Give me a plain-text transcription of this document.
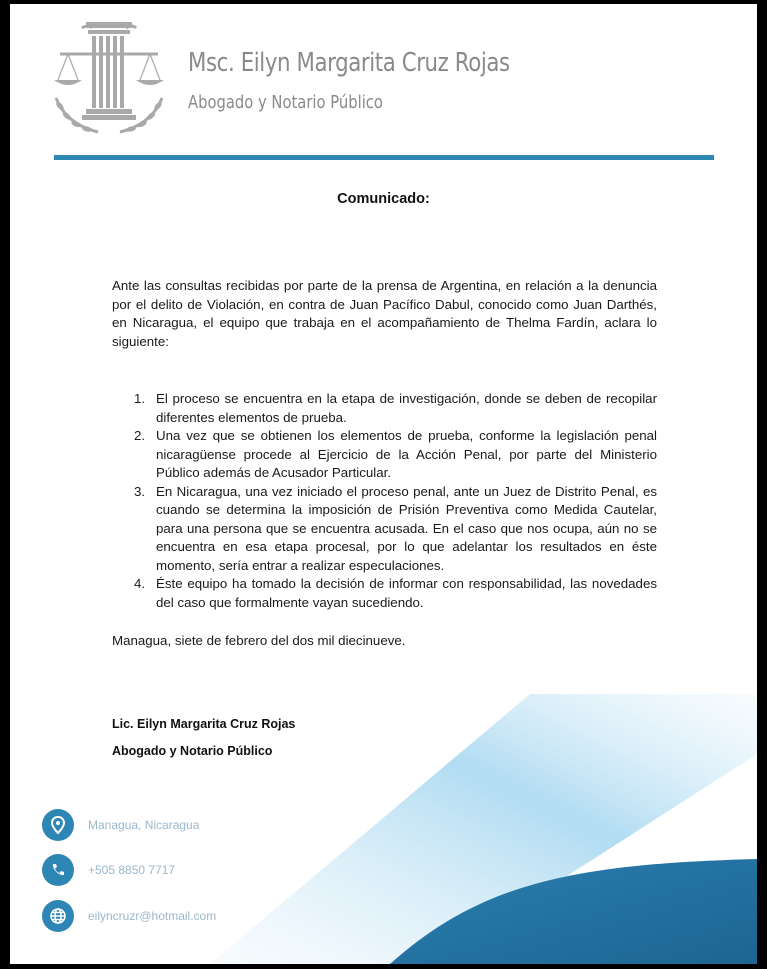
Msc. Eilyn Margarita Cruz Rojas
Abogado y Notario Público
Comunicado:
Ante las consultas recibidas por parte de la prensa de Argentina, en relación a la denuncia por el delito de Violación, en contra de Juan Pacífico Dabul, conocido como Juan Darthés, en Nicaragua, el equipo que trabaja en el acompañamiento de Thelma Fardín, aclara lo siguiente:
1. El proceso se encuentra en la etapa de investigación, donde se deben de recopilar diferentes elementos de prueba.
2. Una vez que se obtienen los elementos de prueba, conforme la legislación penal nicaragüense procede al Ejercicio de la Acción Penal, por parte del Ministerio Público además de Acusador Particular.
3. En Nicaragua, una vez iniciado el proceso penal, ante un Juez de Distrito Penal, es cuando se determina la imposición de Prisión Preventiva como Medida Cautelar, para una persona que se encuentra acusada. En el caso que nos ocupa, aún no se encuentra en esa etapa procesal, por lo que adelantar los resultados en éste momento, sería entrar a realizar especulaciones.
4. Éste equipo ha tomado la decisión de informar con responsabilidad, las novedades del caso que formalmente vayan sucediendo.
Managua, siete de febrero del dos mil diecinueve.
Lic. Eilyn Margarita Cruz Rojas
Abogado y Notario Público
Managua, Nicaragua
+505 8850 7717
eilyncruzr@hotmail.com
